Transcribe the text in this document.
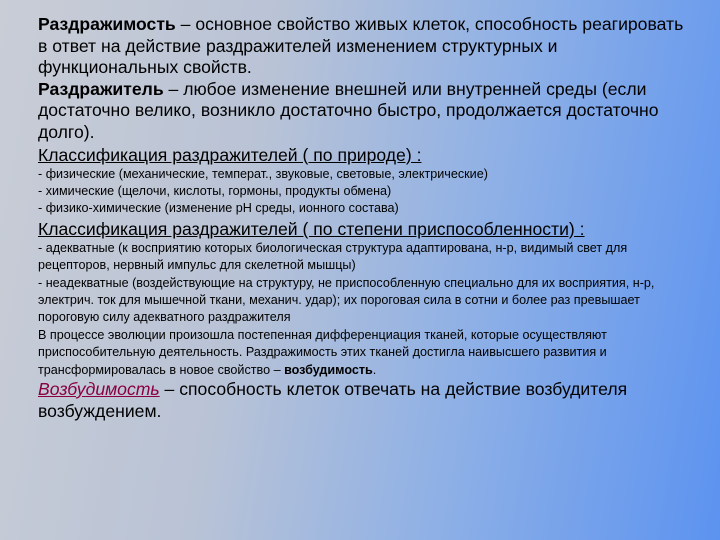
Раздражимость – основное свойство живых клеток, способность реагировать в ответ на действие раздражителей изменением структурных и функциональных свойств.

Раздражитель – любое изменение внешней или внутренней среды (если достаточно велико, возникло достаточно быстро, продолжается достаточно долго).

Классификация раздражителей ( по природе) :

- физические (механические, температ., звуковые, световые, электрические)

- химические (щелочи, кислоты, гормоны, продукты обмена)

- физико-химические (изменение pH среды, ионного состава)

Классификация раздражителей ( по степени приспособленности) :

- адекватные (к восприятию которых биологическая структура адаптирована, н-р, видимый свет для рецепторов, нервный импульс для скелетной мышцы)

- неадекватные (воздействующие на структуру, не приспособленную специально для их восприятия, н-р, электрич. ток для мышечной ткани, механич. удар); их пороговая сила в сотни и более раз превышает пороговую силу адекватного раздражителя

В процессе эволюции произошла постепенная дифференциация тканей, которые осуществляют приспособительную деятельность. Раздражимость этих тканей достигла наивысшего развития и трансформировалась в новое свойство – возбудимость.

Возбудимость – способность клеток отвечать на действие возбудителя возбуждением.
